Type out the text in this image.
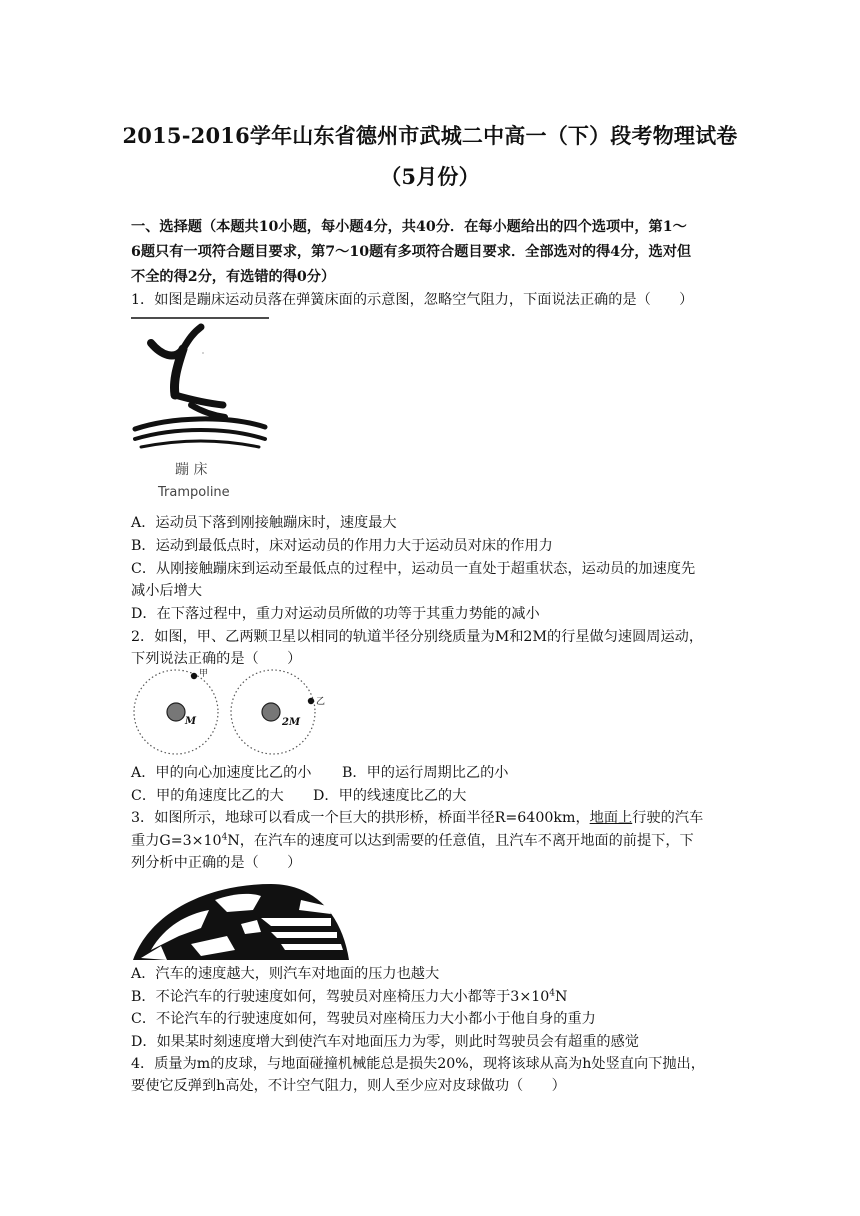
2015-2016学年山东省德州市武城二中高一（下）段考物理试卷
（5月份）
一、选择题（本题共10小题，每小题4分，共40分．在每小题给出的四个选项中，第1～
6题只有一项符合题目要求，第7～10题有多项符合题目要求．全部选对的得4分，选对但
不全的得2分，有选错的得0分）
1．如图是蹦床运动员落在弹簧床面的示意图，忽略空气阻力，下面说法正确的是（　　）
蹦 床
Trampoline
A．运动员下落到刚接触蹦床时，速度最大
B．运动到最低点时，床对运动员的作用力大于运动员对床的作用力
C．从刚接触蹦床到运动至最低点的过程中，运动员一直处于超重状态，运动员的加速度先
减小后增大
D．在下落过程中，重力对运动员所做的功等于其重力势能的减小
2．如图，甲、乙两颗卫星以相同的轨道半径分别绕质量为M和2M的行星做匀速圆周运动，
下列说法正确的是（　　）
M
甲
2M
乙
A．甲的向心加速度比乙的小 B．甲的运行周期比乙的小
C．甲的角速度比乙的大 D．甲的线速度比乙的大
3．如图所示，地球可以看成一个巨大的拱形桥，桥面半径R=6400km，地面上行驶的汽车
重力$G=3\times 10^4N$，在汽车的速度可以达到需要的任意值，且汽车不离开地面的前提下，下
列分析中正确的是（　　）
A．汽车的速度越大，则汽车对地面的压力也越大
B．不论汽车的行驶速度如何，驾驶员对座椅压力大小都等于$3\times 10^4N$
C．不论汽车的行驶速度如何，驾驶员对座椅压力大小都小于他自身的重力
D．如果某时刻速度增大到使汽车对地面压力为零，则此时驾驶员会有超重的感觉
4．质量为m的皮球，与地面碰撞机械能总是损失20%，现将该球从高为h处竖直向下抛出，
要使它反弹到h高处，不计空气阻力，则人至少应对皮球做功（　　）
